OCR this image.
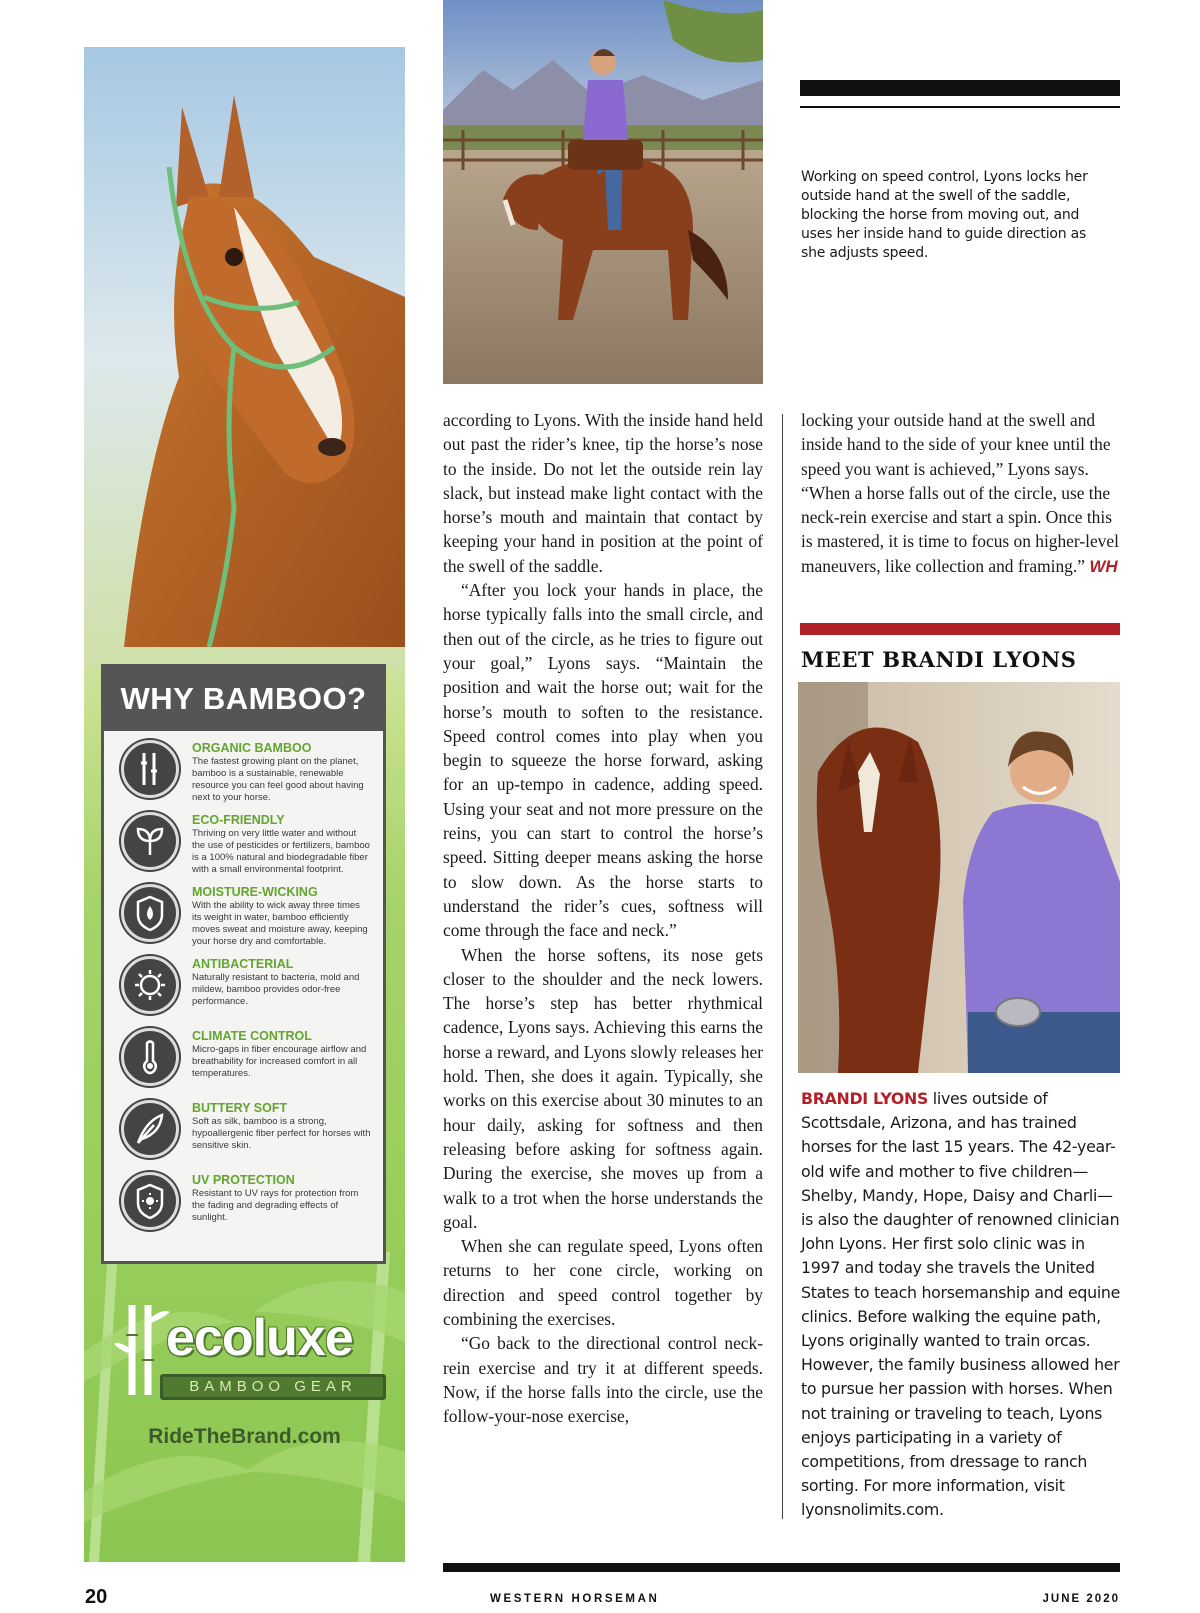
WHY BAMBOO?
ORGANIC BAMBOO
The fastest growing plant on the planet, bamboo is a sustainable, renewable resource you can feel good about having next to your horse.
ECO-FRIENDLY
Thriving on very little water and without the use of pesticides or fertilizers, bamboo is a 100% natural and biodegradable fiber with a small environmental footprint.
MOISTURE-WICKING
With the ability to wick away three times its weight in water, bamboo efficiently moves sweat and moisture away, keeping your horse dry and comfortable.
ANTIBACTERIAL
Naturally resistant to bacteria, mold and mildew, bamboo provides odor-free performance.
CLIMATE CONTROL
Micro-gaps in fiber encourage airflow and breathability for increased comfort in all temperatures.
BUTTERY SOFT
Soft as silk, bamboo is a strong, hypoallergenic fiber perfect for horses with sensitive skin.
UV PROTECTION
Resistant to UV rays for protection from the fading and degrading effects of sunlight.
ecoluxe
BAMBOO GEAR
RideTheBrand.com
Working on speed control, Lyons locks her outside hand at the swell of the saddle, blocking the horse from moving out, and uses her inside hand to guide direction as she adjusts speed.

according to Lyons. With the inside hand held out past the rider’s knee, tip the horse’s nose to the inside. Do not let the outside rein lay slack, but instead make light contact with the horse’s mouth and maintain that contact by keeping your hand in position at the point of the swell of the saddle.

“After you lock your hands in place, the horse typically falls into the small circle, and then out of the circle, as he tries to figure out your goal,” Lyons says. “Maintain the position and wait the horse out; wait for the horse’s mouth to soften to the resistance. Speed control comes into play when you begin to squeeze the horse forward, asking for an up-tempo in cadence, adding speed. Using your seat and not more pressure on the reins, you can start to control the horse’s speed. Sitting deeper means asking the horse to slow down. As the horse starts to understand the rider’s cues, softness will come through the face and neck.”

When the horse softens, its nose gets closer to the shoulder and the neck lowers. The horse’s step has better rhythmical cadence, Lyons says. Achieving this earns the horse a reward, and Lyons slowly releases her hold. Then, she does it again. Typically, she works on this exercise about 30 minutes to an hour daily, asking for softness and then releasing before asking for softness again. During the exercise, she moves up from a walk to a trot when the horse understands the goal.

When she can regulate speed, Lyons often returns to her cone circle, working on direction and speed control together by combining the exercises.

“Go back to the directional control neck-rein exercise and try it at different speeds. Now, if the horse falls into the circle, use the follow-your-nose exercise,

locking your outside hand at the swell and inside hand to the side of your knee until the speed you want is achieved,” Lyons says. “When a horse falls out of the circle, use the neck-rein exercise and start a spin. Once this is mastered, it is time to focus on higher-level maneuvers, like collection and framing.” WH

MEET BRANDI LYONS
BRANDI LYONS lives outside of Scottsdale, Arizona, and has trained horses for the last 15 years. The 42-year-old wife and mother to five children—Shelby, Mandy, Hope, Daisy and Charli—is also the daughter of renowned clinician John Lyons. Her first solo clinic was in 1997 and today she travels the United States to teach horsemanship and equine clinics. Before walking the equine path, Lyons originally wanted to train orcas. However, the family business allowed her to pursue her passion with horses. When not training or traveling to teach, Lyons enjoys participating in a variety of competitions, from dressage to ranch sorting. For more information, visit lyonsnolimits.com.
20	WESTERN HORSEMAN	JUNE 2020
